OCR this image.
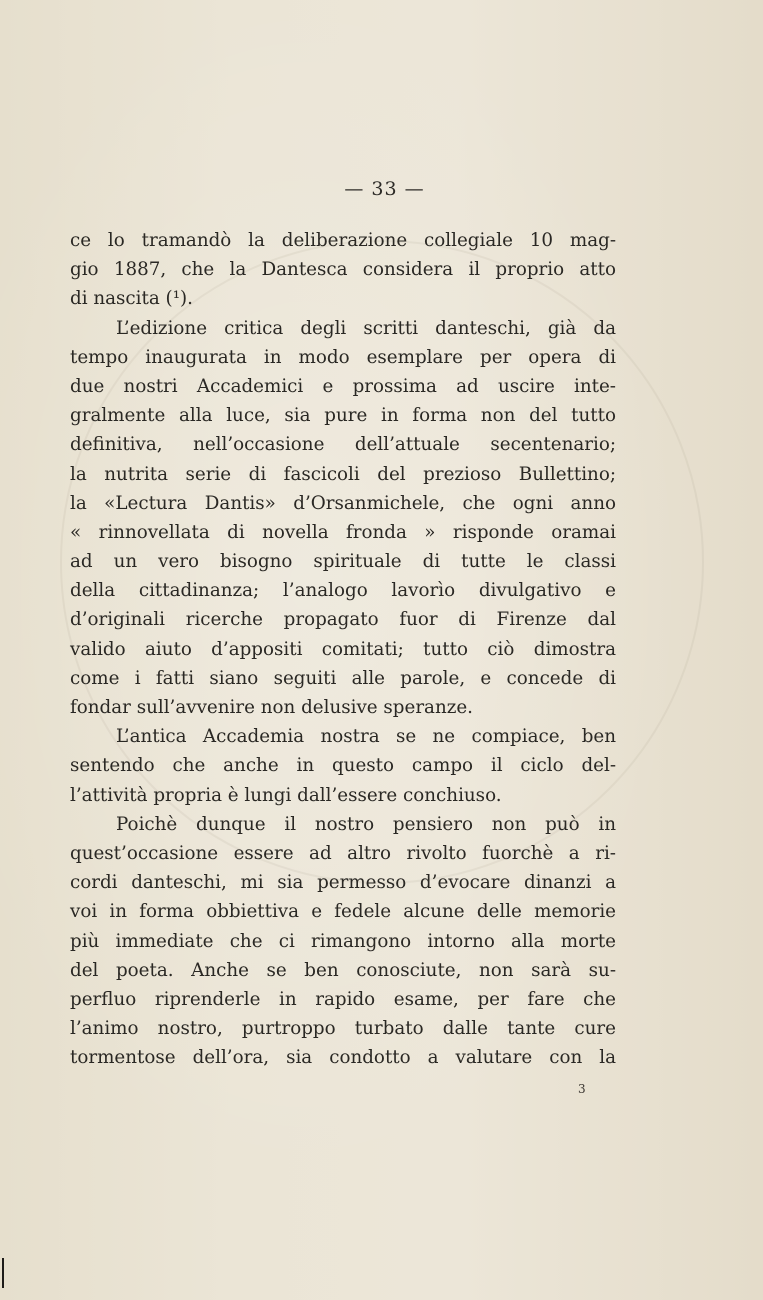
— 33 —
ce lo tramandò la deliberazione collegiale 10 mag-
gio 1887, che la Dantesca considera il proprio atto
di nascita (¹).
L’edizione critica degli scritti danteschi, già da
tempo inaugurata in modo esemplare per opera di
due nostri Accademici e prossima ad uscire inte-
gralmente alla luce, sia pure in forma non del tutto
definitiva, nell’occasione dell’attuale secentenario;
la nutrita serie di fascicoli del prezioso Bullettino;
la «Lectura Dantis» d’Orsanmichele, che ogni anno
« rinnovellata di novella fronda » risponde oramai
ad un vero bisogno spirituale di tutte le classi
della cittadinanza; l’analogo lavorìo divulgativo e
d’originali ricerche propagato fuor di Firenze dal
valido aiuto d’appositi comitati; tutto ciò dimostra
come i fatti siano seguiti alle parole, e concede di
fondar sull’avvenire non delusive speranze.
L’antica Accademia nostra se ne compiace, ben
sentendo che anche in questo campo il ciclo del-
l’attività propria è lungi dall’essere conchiuso.
Poichè dunque il nostro pensiero non può in
quest’occasione essere ad altro rivolto fuorchè a ri-
cordi danteschi, mi sia permesso d’evocare dinanzi a
voi in forma obbiettiva e fedele alcune delle memorie
più immediate che ci rimangono intorno alla morte
del poeta. Anche se ben conosciute, non sarà su-
perfluo riprenderle in rapido esame, per fare che
l’animo nostro, purtroppo turbato dalle tante cure
tormentose dell’ora, sia condotto a valutare con la
3
